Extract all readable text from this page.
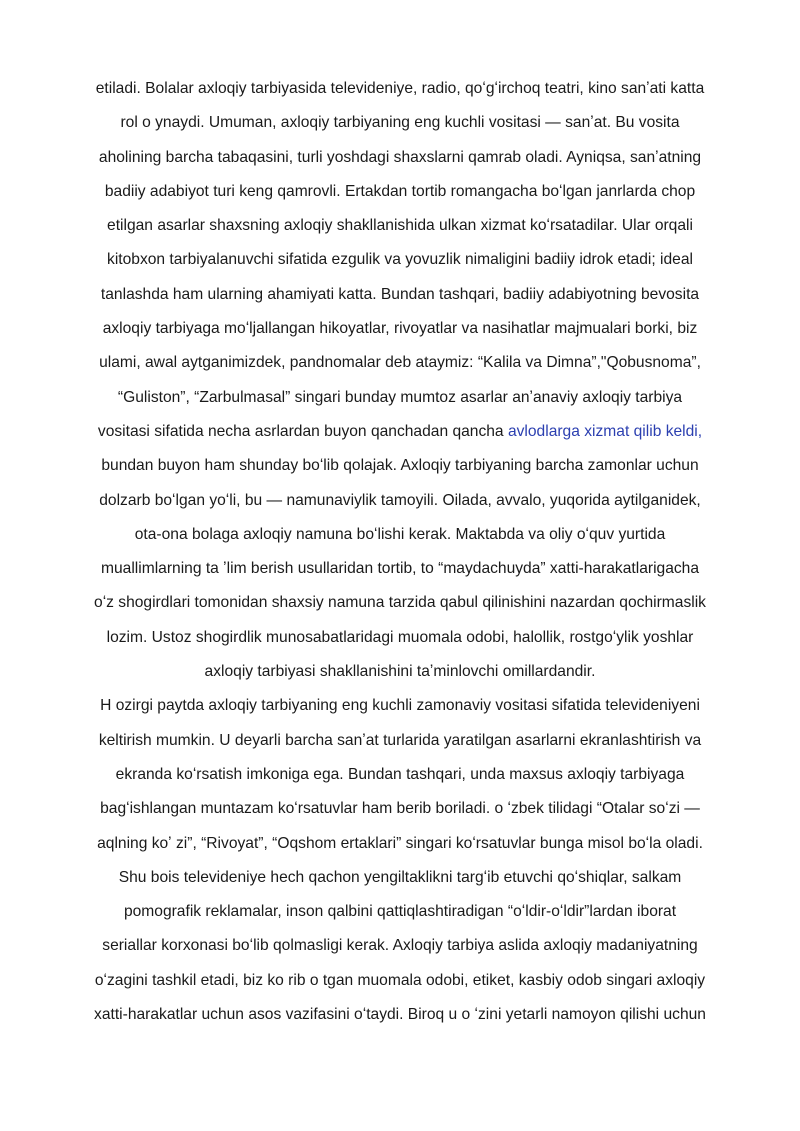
etiladi. Bolalar axloqiy tarbiyasida televideniye, radio, qoʻgʻirchoq teatri, kino sanʼati katta
rol o ynaydi. Umuman, axloqiy tarbiyaning eng kuchli vositasi — sanʼat. Bu vosita
aholining barcha tabaqasini, turli yoshdagi shaxslarni qamrab oladi. Ayniqsa, sanʼatning
badiiy adabiyot turi keng qamrovli. Ertakdan tortib romangacha boʻlgan janrlarda chop
etilgan asarlar shaxsning axloqiy shakllanishida ulkan xizmat koʻrsatadilar. Ular orqali
kitobxon tarbiyalanuvchi sifatida ezgulik va yovuzlik nimaligini badiiy idrok etadi; ideal
tanlashda ham ularning ahamiyati katta. Bundan tashqari, badiiy adabiyotning bevosita
axloqiy tarbiyaga moʻljallangan hikoyatlar, rivoyatlar va nasihatlar majmualari borki, biz
ulami, awal aytganimizdek, pandnomalar deb ataymiz: “Kalila va Dimna”,"Qobusnoma”,
“Guliston”, “Zarbulmasal” singari bunday mumtoz asarlar anʼanaviy axloqiy tarbiya
vositasi sifatida necha asrlardan buyon qanchadan qancha avlodlarga xizmat qilib keldi,
bundan buyon ham shunday boʻlib qolajak. Axloqiy tarbiyaning barcha zamonlar uchun
dolzarb boʻlgan yoʻli, bu — namunaviylik tamoyili. Oilada, avvalo, yuqorida aytilganidek,
ota-ona bolaga axloqiy namuna boʻlishi kerak. Maktabda va oliy oʻquv yurtida
muallimlarning ta ʼlim berish usullaridan tortib, to “maydachuyda” xatti-harakatlarigacha
oʻz shogirdlari tomonidan shaxsiy namuna tarzida qabul qilinishini nazardan qochirmaslik
lozim. Ustoz shogirdlik munosabatlaridagi muomala odobi, halollik, rostgoʻylik yoshlar
axloqiy tarbiyasi shakllanishini taʼminlovchi omillardandir.
H ozirgi paytda axloqiy tarbiyaning eng kuchli zamonaviy vositasi sifatida televideniyeni
keltirish mumkin. U deyarli barcha sanʼat turlarida yaratilgan asarlarni ekranlashtirish va
ekranda koʻrsatish imkoniga ega. Bundan tashqari, unda maxsus axloqiy tarbiyaga
bagʻishlangan muntazam koʻrsatuvlar ham berib boriladi. o ʻzbek tilidagi “Otalar soʻzi —
aqlning koʼ zi”, “Rivoyat”, “Oqshom ertaklari” singari koʻrsatuvlar bunga misol boʻla oladi.
Shu bois televideniye hech qachon yengiltaklikni targʻib etuvchi qoʻshiqlar, salkam
pomografik reklamalar, inson qalbini qattiqlashtiradigan “oʻldir-oʻldir”lardan iborat
seriallar korxonasi boʻlib qolmasligi kerak. Axloqiy tarbiya aslida axloqiy madaniyatning
oʻzagini tashkil etadi, biz ko rib o tgan muomala odobi, etiket, kasbiy odob singari axloqiy
xatti-harakatlar uchun asos vazifasini oʻtaydi. Biroq u o ʻzini yetarli namoyon qilishi uchun
